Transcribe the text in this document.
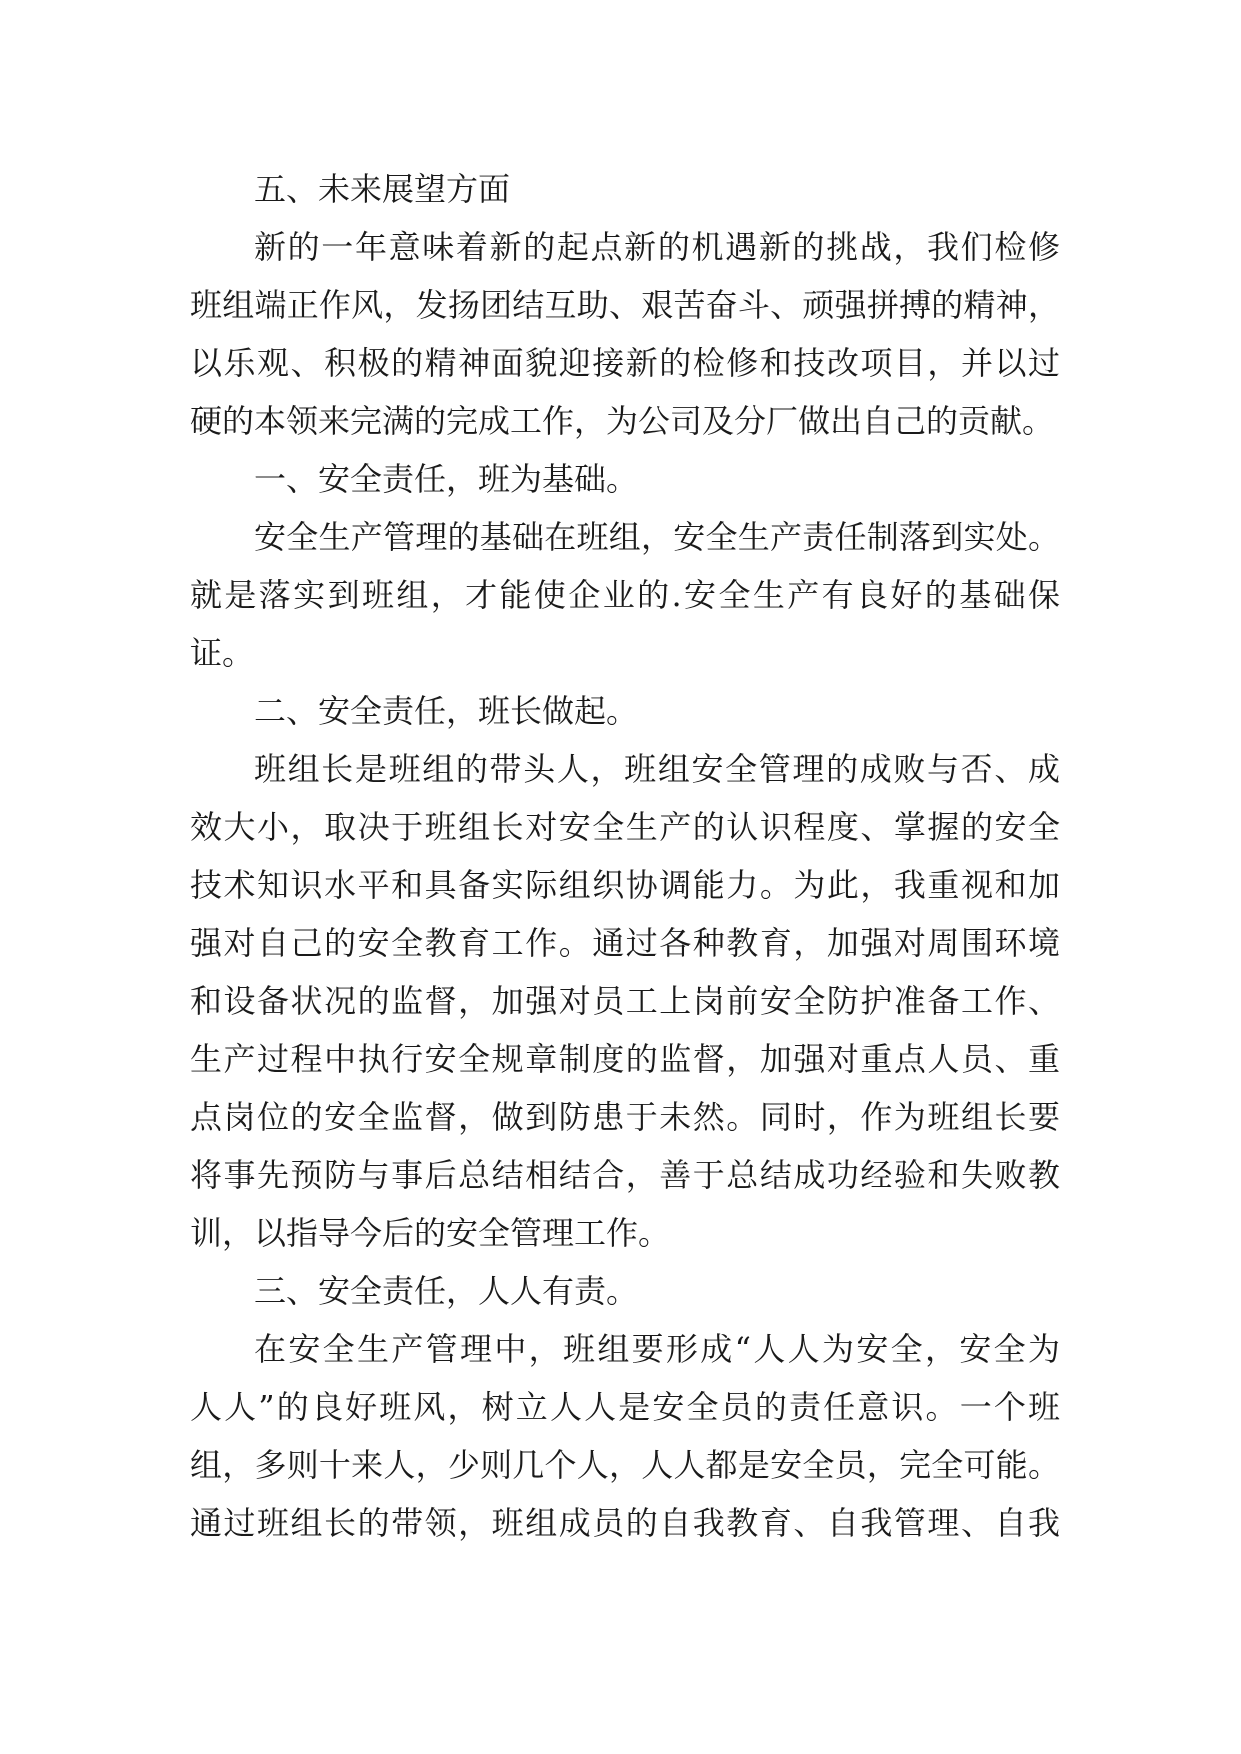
五、未来展望方面
新的一年意味着新的起点新的机遇新的挑战，我们检修
班组端正作风，发扬团结互助、艰苦奋斗、顽强拼搏的精神，
以乐观、积极的精神面貌迎接新的检修和技改项目，并以过
硬的本领来完满的完成工作，为公司及分厂做出自己的贡献。
一、安全责任，班为基础。
安全生产管理的基础在班组，安全生产责任制落到实处。
就是落实到班组，才能使企业的.安全生产有良好的基础保
证。
二、安全责任，班长做起。
班组长是班组的带头人，班组安全管理的成败与否、成
效大小，取决于班组长对安全生产的认识程度、掌握的安全
技术知识水平和具备实际组织协调能力。为此，我重视和加
强对自己的安全教育工作。通过各种教育，加强对周围环境
和设备状况的监督，加强对员工上岗前安全防护准备工作、
生产过程中执行安全规章制度的监督，加强对重点人员、重
点岗位的安全监督，做到防患于未然。同时，作为班组长要
将事先预防与事后总结相结合，善于总结成功经验和失败教
训，以指导今后的安全管理工作。
三、安全责任，人人有责。
在安全生产管理中，班组要形成“人人为安全，安全为
人人”的良好班风，树立人人是安全员的责任意识。一个班
组，多则十来人，少则几个人，人人都是安全员，完全可能。
通过班组长的带领，班组成员的自我教育、自我管理、自我
